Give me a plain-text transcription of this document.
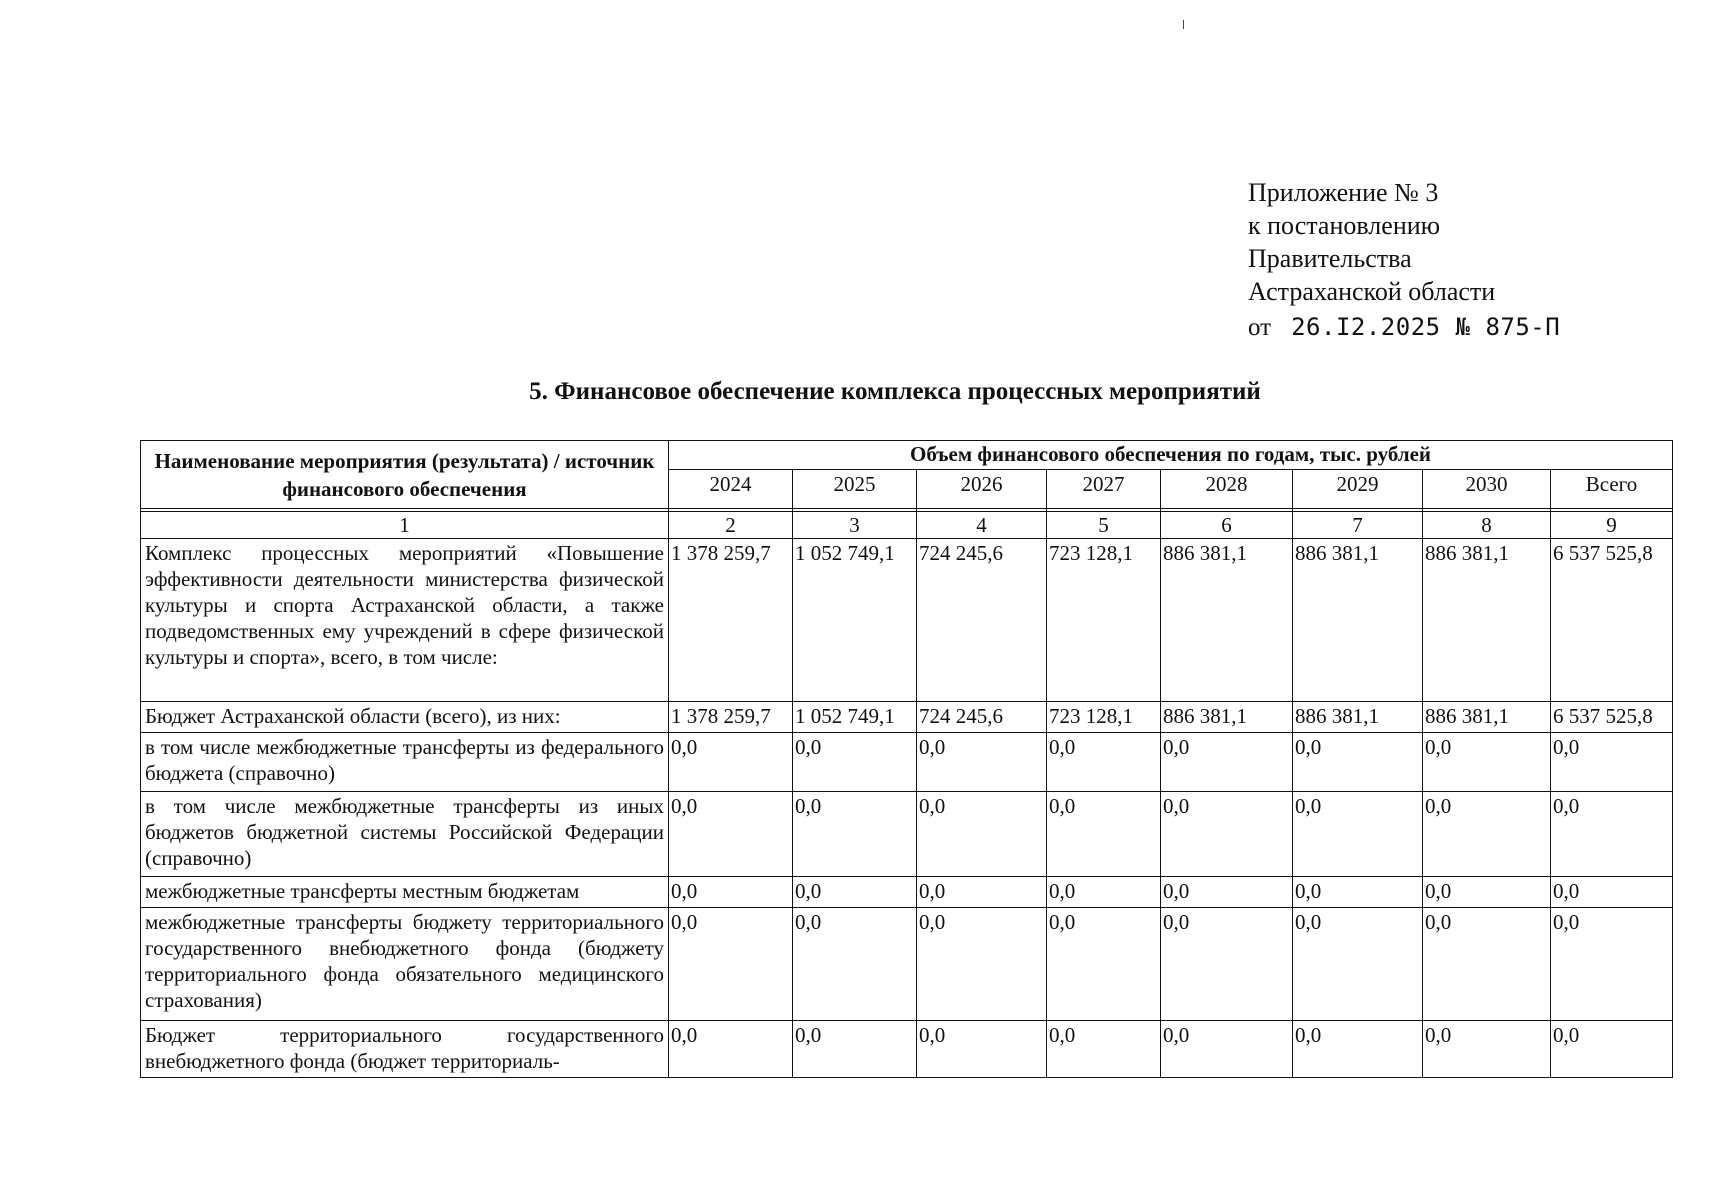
Приложение № 3
к постановлению
Правительства
Астраханской области
от 26.I2.2025 № 875-П
5. Финансовое обеспечение комплекса процессных мероприятий
Наименование мероприятия (результата) / источник финансового обеспечения	Объем финансового обеспечения по годам, тыс. рублей							
	2024	2025	2026	2027	2028	2029	2030	Всего

1	2	3	4	5	6	7	8	9
Комплекс процессных мероприятий «Повышение эффективности деятельности министерства физической культуры и спорта Астраханской области, а также подведомственных ему учреждений в сфере физической культуры и спорта», всего, в том числе:	1 378 259,7	1 052 749,1	724 245,6	723 128,1	886 381,1	886 381,1	886 381,1	6 537 525,8
Бюджет Астраханской области (всего), из них:	1 378 259,7	1 052 749,1	724 245,6	723 128,1	886 381,1	886 381,1	886 381,1	6 537 525,8
в том числе межбюджетные трансферты из федерального бюджета (справочно)	0,0	0,0	0,0	0,0	0,0	0,0	0,0	0,0
в том числе межбюджетные трансферты из иных бюджетов бюджетной системы Российской Федерации (справочно)	0,0	0,0	0,0	0,0	0,0	0,0	0,0	0,0
межбюджетные трансферты местным бюджетам	0,0	0,0	0,0	0,0	0,0	0,0	0,0	0,0
межбюджетные трансферты бюджету территориального государственного внебюджетного фонда (бюджету территориального фонда обязательного медицинского страхования)	0,0	0,0	0,0	0,0	0,0	0,0	0,0	0,0
Бюджет территориального государственного внебюджетного фонда (бюджет территориаль-	0,0	0,0	0,0	0,0	0,0	0,0	0,0	0,0
